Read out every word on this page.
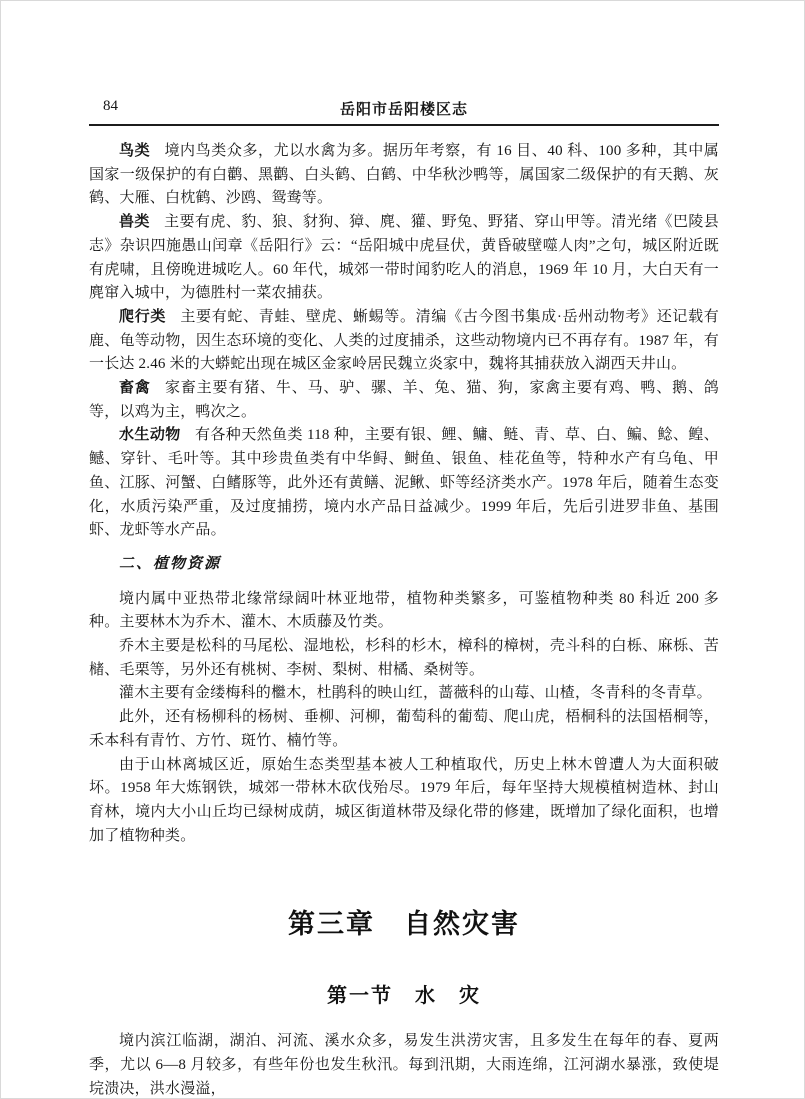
84	岳阳市岳阳楼区志

鸟类 境内鸟类众多，尤以水禽为多。据历年考察，有 16 目、40 科、100 多种，其中属国家一级保护的有白鹳、黑鹳、白头鹤、白鹤、中华秋沙鸭等，属国家二级保护的有天鹅、灰鹤、大雁、白枕鹤、沙鸥、鸳鸯等。

兽类 主要有虎、豹、狼、豺狗、獐、麂、獾、野兔、野猪、穿山甲等。清光绪《巴陵县志》杂识四施愚山闰章《岳阳行》云：“岳阳城中虎昼伏，黄昏破壁噬人肉”之句，城区附近既有虎啸，且傍晚进城吃人。60 年代，城郊一带时闻豹吃人的消息，1969 年 10 月，大白天有一麂窜入城中，为德胜村一菜农捕获。

爬行类 主要有蛇、青蛙、壁虎、蜥蜴等。清编《古今图书集成·岳州动物考》还记载有鹿、龟等动物，因生态环境的变化、人类的过度捕杀，这些动物境内已不再存有。1987 年，有一长达 2.46 米的大蟒蛇出现在城区金家岭居民魏立炎家中，魏将其捕获放入湖西天井山。

畜禽 家畜主要有猪、牛、马、驴、骡、羊、兔、猫、狗，家禽主要有鸡、鸭、鹅、鸽等，以鸡为主，鸭次之。

水生动物 有各种天然鱼类 118 种，主要有银、鲤、鳙、鲢、青、草、白、鳊、鲶、鳇、鳡、穿针、毛叶等。其中珍贵鱼类有中华鲟、鲥鱼、银鱼、桂花鱼等，特种水产有乌龟、甲鱼、江豚、河蟹、白鳍豚等，此外还有黄鳝、泥鳅、虾等经济类水产。1978 年后，随着生态变化，水质污染严重，及过度捕捞，境内水产品日益减少。1999 年后，先后引进罗非鱼、基围虾、龙虾等水产品。

二、植物资源

境内属中亚热带北缘常绿阔叶林亚地带，植物种类繁多，可鉴植物种类 80 科近 200 多种。主要林木为乔木、灌木、木质藤及竹类。

乔木主要是松科的马尾松、湿地松，杉科的杉木，樟科的樟树，壳斗科的白栎、麻栎、苦槠、毛栗等，另外还有桃树、李树、梨树、柑橘、桑树等。

灌木主要有金缕梅科的檵木，杜鹃科的映山红，蔷薇科的山莓、山楂，冬青科的冬青草。

此外，还有杨柳科的杨树、垂柳、河柳，葡萄科的葡萄、爬山虎，梧桐科的法国梧桐等，禾本科有青竹、方竹、斑竹、楠竹等。

由于山林离城区近，原始生态类型基本被人工种植取代，历史上林木曾遭人为大面积破坏。1958 年大炼钢铁，城郊一带林木砍伐殆尽。1979 年后，每年坚持大规模植树造林、封山育林，境内大小山丘均已绿树成荫，城区街道林带及绿化带的修建，既增加了绿化面积，也增加了植物种类。

第三章　自然灾害
第一节　水　灾

境内滨江临湖，湖泊、河流、溪水众多，易发生洪涝灾害，且多发生在每年的春、夏两季，尤以 6—8 月较多，有些年份也发生秋汛。每到汛期，大雨连绵，江河湖水暴涨，致使堤垸溃决，洪水漫溢，
